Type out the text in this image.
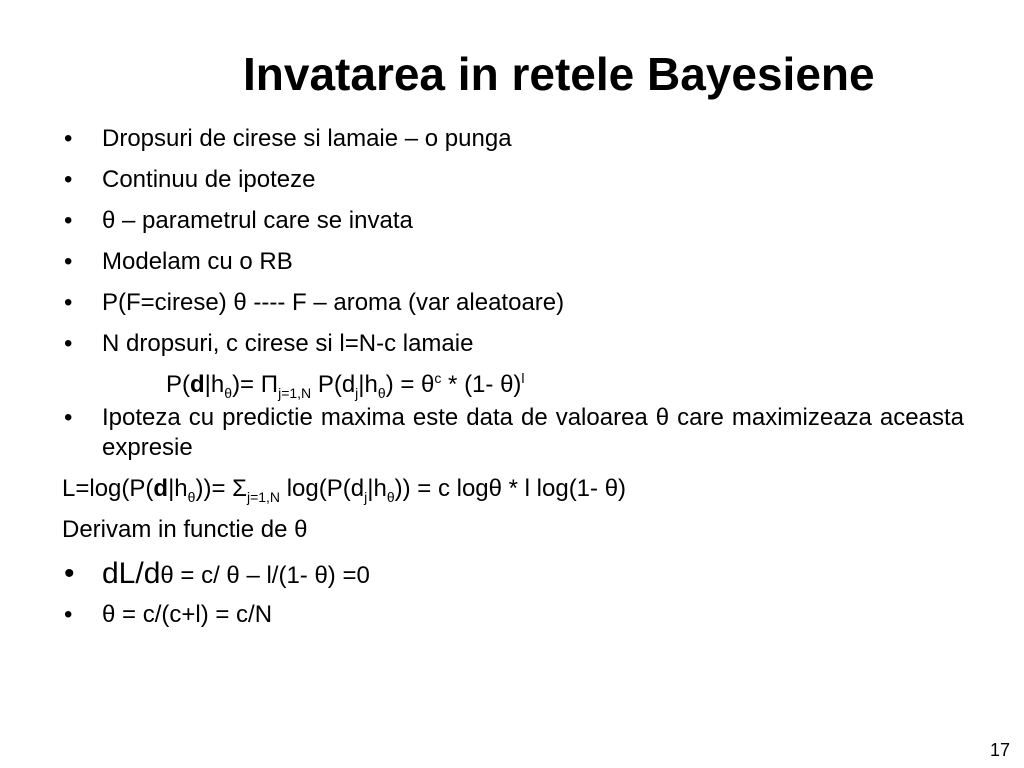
Invatarea in retele Bayesiene
• Dropsuri de cirese si lamaie – o punga
• Continuu de ipoteze
• θ – parametrul care se invata
• Modelam cu o RB
• P(F=cirese) θ ---- F – aroma (var aleatoare)
• N dropsuri, c cirese si l=N-c lamaie
$P(d|h_\theta)= \Pi_{j=1,N}$ $P(d_j|h_\theta) = \theta^c * (1-$ θ)$^l$
• Ipoteza cu predictie maxima este data de valoarea θ care maximizeaza aceasta expresie
$L=\log(P(d|h_\theta))= \Sigma_{j=1,N}$ $\log(P(d_j|h_\theta)) = c$ logθ * l log(1- θ)
Derivam in functie de θ
• dL/dθ = c/ θ – l/(1- θ) =0
• θ = c/(c+l) = c/N
17
